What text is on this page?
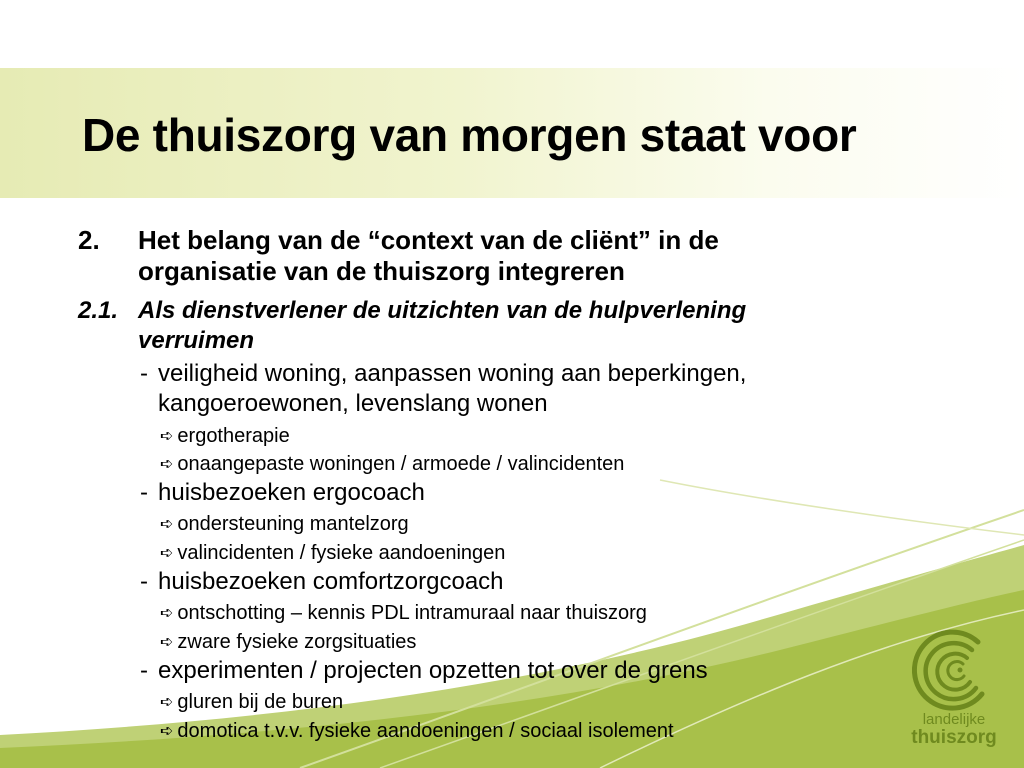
De thuiszorg van morgen staat voor
2. Het belang van de “context van de cliënt” in de
organisatie van de thuiszorg integreren
2.1. Als dienstverlener de uitzichten van de hulpverlening
verruimen
- veiligheid woning, aanpassen woning aan beperkingen,
kangoeroewonen, levenslang wonen
➪ ergotherapie
➪ onaangepaste woningen / armoede / valincidenten
- huisbezoeken ergocoach
➪ ondersteuning mantelzorg
➪ valincidenten / fysieke aandoeningen
- huisbezoeken comfortzorgcoach
➪ ontschotting – kennis PDL intramuraal naar thuiszorg
➪ zware fysieke zorgsituaties
- experimenten / projecten opzetten tot over de grens
➪ gluren bij de buren
➪ domotica t.v.v. fysieke aandoeningen / sociaal isolement
landelijke
thuiszorg
